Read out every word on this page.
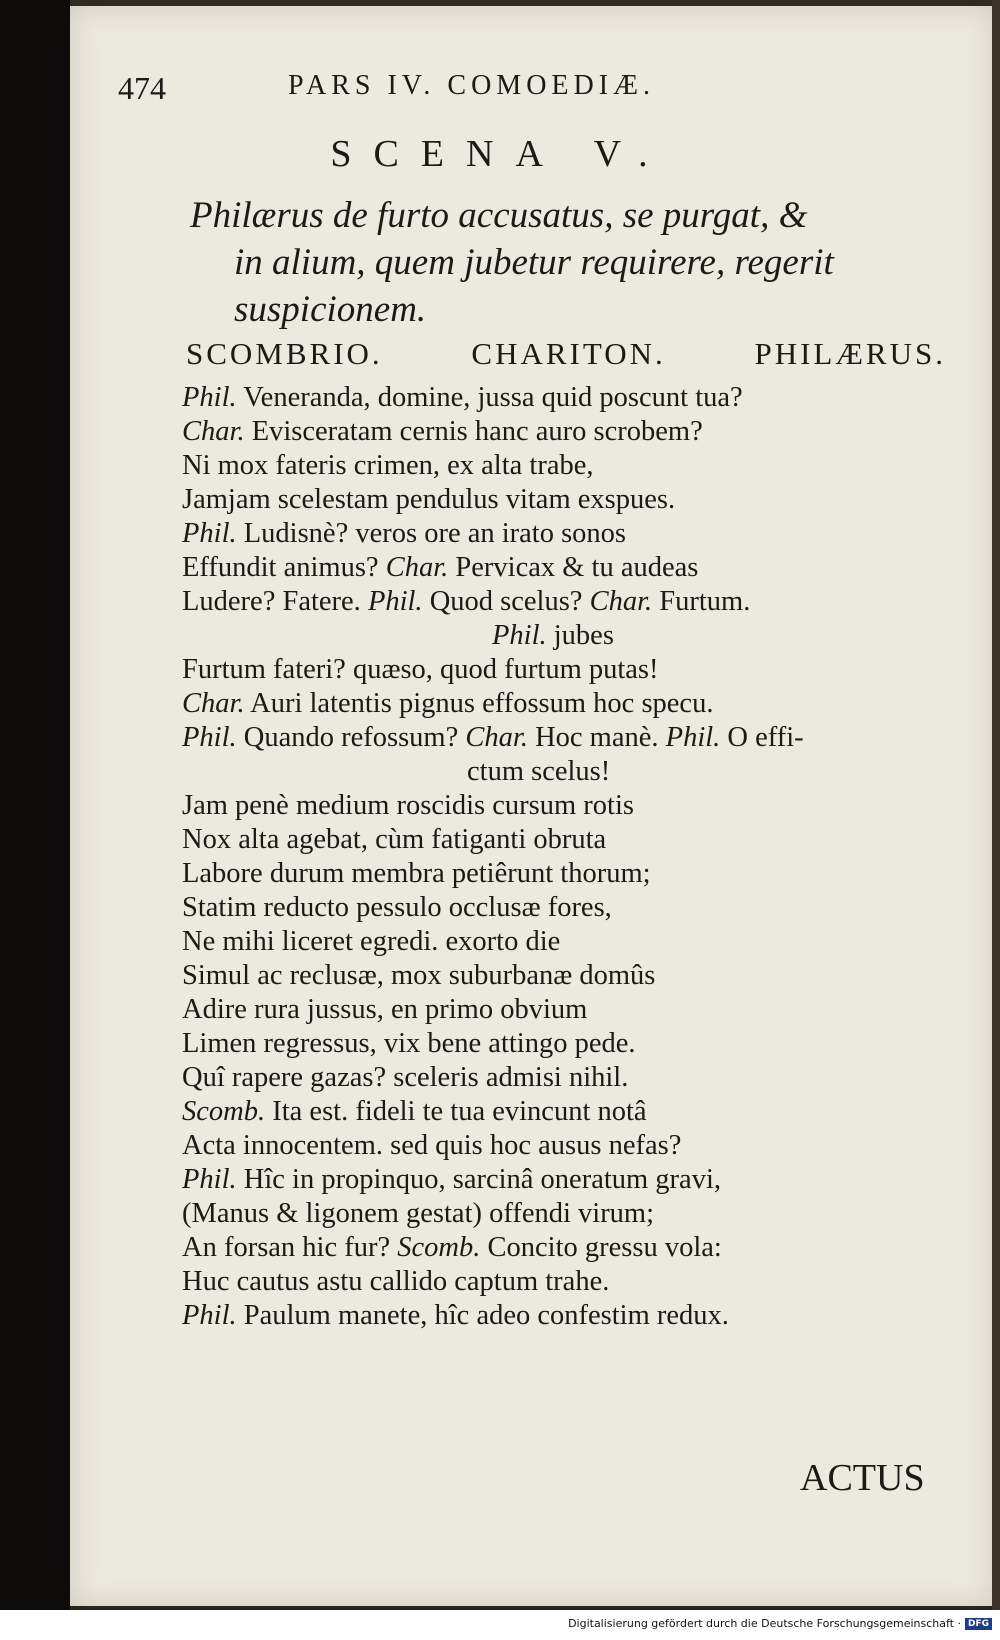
474	PARS IV. COMOEDIÆ.
SCENA V.
Philærus de furto accusatus, se purgat, &
in alium, quem jubetur requirere, regerit
suspicionem.
SCOMBRIO.	CHARITON.	PHILÆRUS.
Phil. Veneranda, domine, jussa quid poscunt tua?
Char. Evisceratam cernis hanc auro scrobem?
Ni mox fateris crimen, ex alta trabe,
Jamjam scelestam pendulus vitam exspues.
Phil. Ludisnè? veros ore an irato sonos
Effundit animus? Char. Pervicax & tu audeas
Ludere? Fatere. Phil. Quod scelus? Char. Furtum.
Phil. jubes
Furtum fateri? quæso, quod furtum putas!
Char. Auri latentis pignus effossum hoc specu.
Phil. Quando refossum? Char. Hoc manè. Phil. O effi-
ctum scelus!
Jam penè medium roscidis cursum rotis
Nox alta agebat, cùm fatiganti obruta
Labore durum membra petiêrunt thorum;
Statim reducto pessulo occlusæ fores,
Ne mihi liceret egredi. exorto die
Simul ac reclusæ, mox suburbanæ domûs
Adire rura jussus, en primo obvium
Limen regressus, vix bene attingo pede.
Quî rapere gazas? sceleris admisi nihil.
Scomb. Ita est. fideli te tua evincunt notâ
Acta innocentem. sed quis hoc ausus nefas?
Phil. Hîc in propinquo, sarcinâ oneratum gravi,
(Manus & ligonem gestat) offendi virum;
An forsan hic fur? Scomb. Concito gressu vola:
Huc cautus astu callido captum trahe.
Phil. Paulum manete, hîc adeo confestim redux.
ACTUS
Digitalisierung gefördert durch die Deutsche Forschungsgemeinschaft · DFG
